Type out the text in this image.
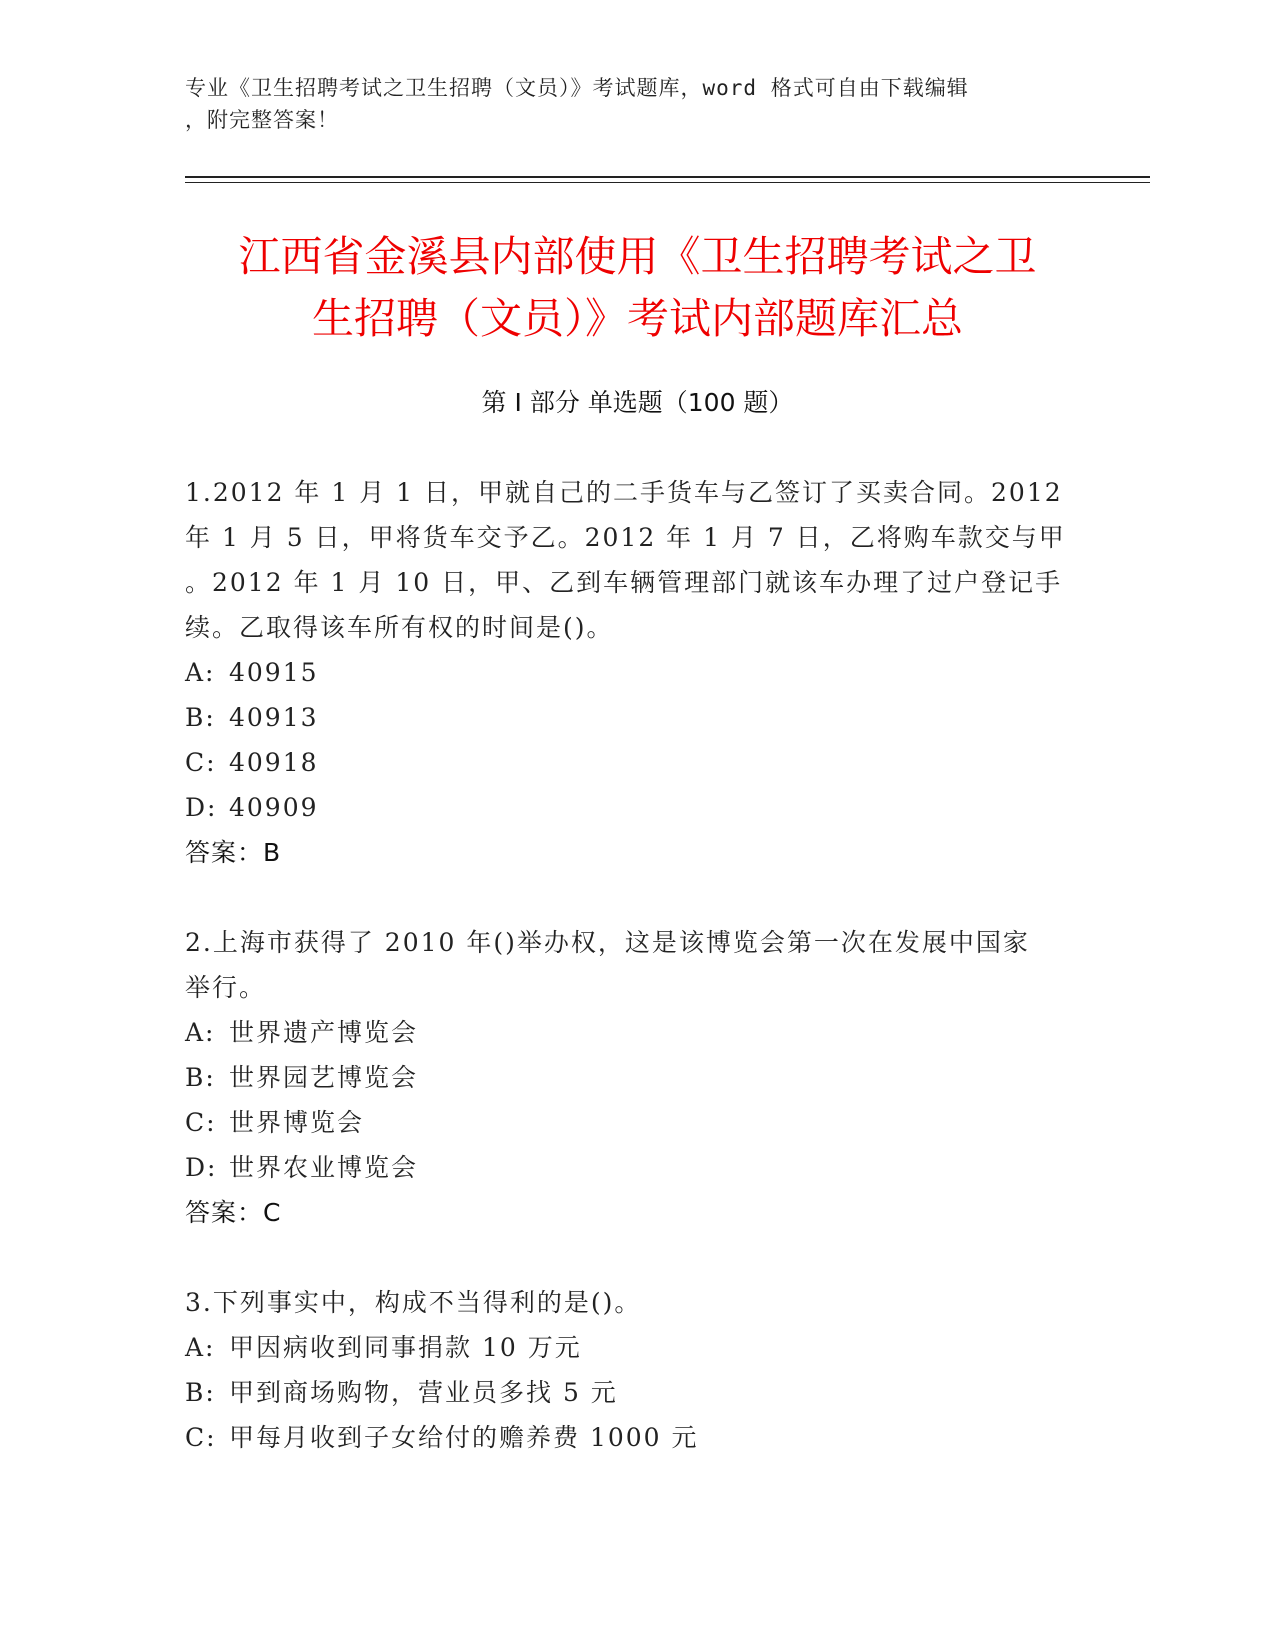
专业《卫生招聘考试之卫生招聘（文员）》考试题库，word 格式可自由下载编辑
，附完整答案！
江西省金溪县内部使用《卫生招聘考试之卫
生招聘（文员）》考试内部题库汇总
第 I 部分 单选题（100 题）
1.2012 年 1 月 1 日，甲就自己的二手货车与乙签订了买卖合同。2012
年 1 月 5 日，甲将货车交予乙。2012 年 1 月 7 日，乙将购车款交与甲
。2012 年 1 月 10 日，甲、乙到车辆管理部门就该车办理了过户登记手
续。乙取得该车所有权的时间是()。
A: 40915
B: 40913
C: 40918
D: 40909
答案：B
2.上海市获得了 2010 年()举办权，这是该博览会第一次在发展中国家
举行。
A: 世界遗产博览会
B: 世界园艺博览会
C: 世界博览会
D: 世界农业博览会
答案：C
3.下列事实中，构成不当得利的是()。
A: 甲因病收到同事捐款 10 万元
B: 甲到商场购物，营业员多找 5 元
C: 甲每月收到子女给付的赡养费 1000 元
